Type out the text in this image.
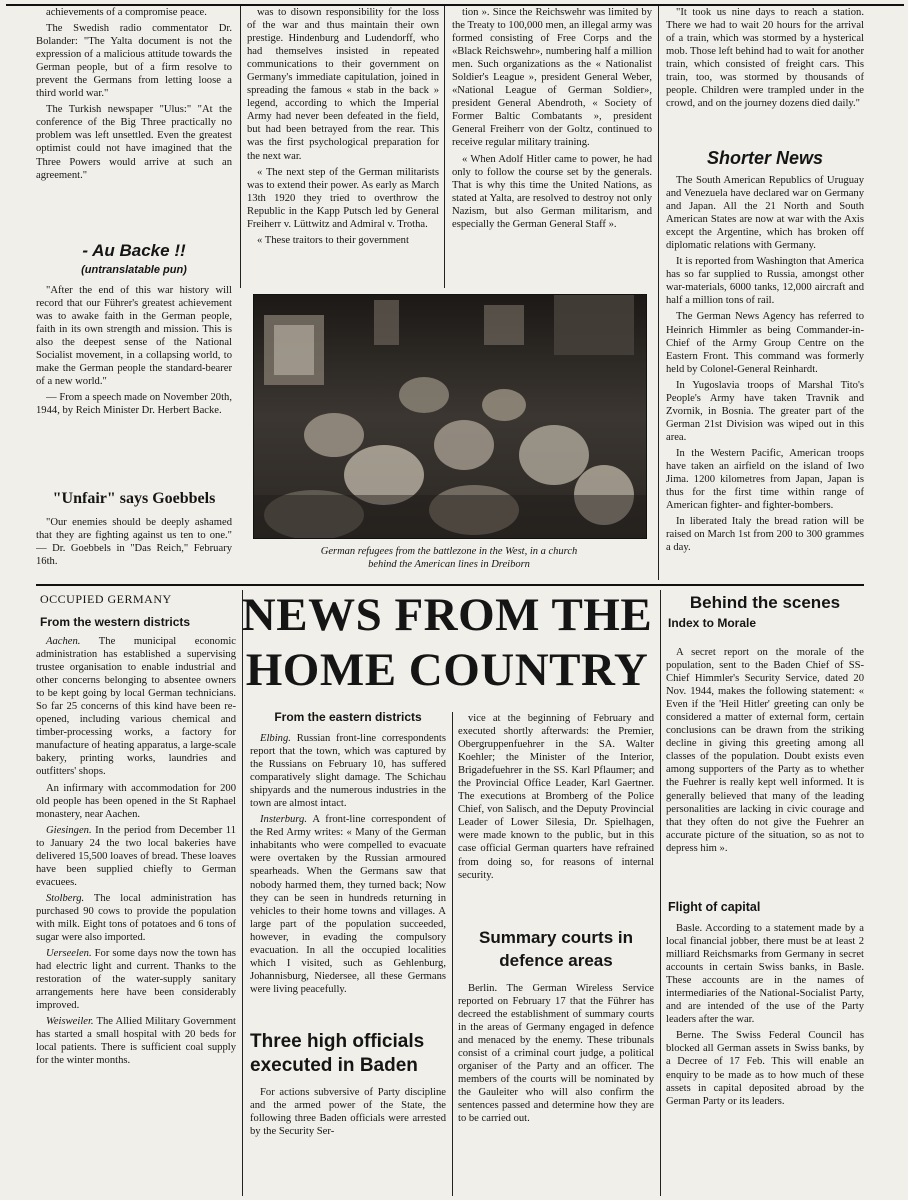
achievements of a compromise peace.

The Swedish radio commentator Dr. Bolander: "The Yalta document is not the expression of a malicious attitude towards the German people, but of a firm resolve to prevent the Germans from letting loose a third world war."

The Turkish newspaper "Ulus:" "At the conference of the Big Three practically no problem was left unsettled. Even the greatest optimist could not have imagined that the Three Powers would arrive at such an agreement."

- Au Backe !!
(untranslatable pun)

"After the end of this war history will record that our Führer's greatest achievement was to awake faith in the German people, faith in its own strength and mission. This is also the deepest sense of the National Socialist movement, in a collapsing world, to make the German people the standard-bearer of a new world."

— From a speech made on November 20th, 1944, by Reich Minister Dr. Herbert Backe.

"Unfair" says Goebbels

"Our enemies should be deeply ashamed that they are fighting against us ten to one." — Dr. Goebbels in "Das Reich," February 16th.

was to disown responsibility for the loss of the war and thus maintain their own prestige. Hindenburg and Ludendorff, who had themselves insisted in repeated communications to their government on Germany's immediate capitulation, joined in spreading the famous « stab in the back » legend, according to which the Imperial Army had never been defeated in the field, but had been betrayed from the rear. This was the first psychological preparation for the next war.

« The next step of the German militarists was to extend their power. As early as March 13th 1920 they tried to overthrow the Republic in the Kapp Putsch led by General Freiherr v. Lüttwitz and Admiral v. Trotha.

« These traitors to their government

tion ». Since the Reichswehr was limited by the Treaty to 100,000 men, an illegal army was formed consisting of Free Corps and the «Black Reichswehr», numbering half a million men. Such organizations as the « Nationalist Soldier's League », president General Weber, «National League of German Soldier», president General Abendroth, « Society of Former Baltic Combatants », president General Freiherr von der Goltz, continued to receive regular military training.

« When Adolf Hitler came to power, he had only to follow the course set by the generals. That is why this time the United Nations, as stated at Yalta, are resolved to destroy not only Nazism, but also German militarism, and especially the German General Staff ».

German refugees from the battlezone in the West, in a church
behind the American lines in Dreiborn

"It took us nine days to reach a station. There we had to wait 20 hours for the arrival of a train, which was stormed by a hysterical mob. Those left behind had to wait for another train, which consisted of freight cars. This train, too, was stormed by thousands of people. Children were trampled under in the crowd, and on the journey dozens died daily."

Shorter News

The South American Republics of Uruguay and Venezuela have declared war on Germany and Japan. All the 21 North and South American States are now at war with the Axis except the Argentine, which has broken off diplomatic relations with Germany.

It is reported from Washington that America has so far supplied to Russia, amongst other war-materials, 6000 tanks, 12,000 aircraft and half a million tons of rail.

The German News Agency has referred to Heinrich Himmler as being Commander-in-Chief of the Army Group Centre on the Eastern Front. This command was formerly held by Colonel-General Reinhardt.

In Yugoslavia troops of Marshal Tito's People's Army have taken Travnik and Zvornik, in Bosnia. The greater part of the German 21st Division was wiped out in this area.

In the Western Pacific, American troops have taken an airfield on the island of Iwo Jima. 1200 kilometres from Japan, Japan is thus for the first time within range of American fighter- and fighter-bombers.

In liberated Italy the bread ration will be raised on March 1st from 200 to 300 grammes a day.

OCCUPIED GERMANY
From the western districts

Aachen. The municipal economic administration has established a supervising trustee organisation to enable industrial and other concerns belonging to absentee owners to be kept going by local German technicians. So far 25 concerns of this kind have been re-opened, including various chemical and timber-processing works, a factory for manufacture of heating apparatus, a large-scale bakery, printing works, laundries and outfitters' shops.

An infirmary with accommodation for 200 old people has been opened in the St Raphael monastery, near Aachen.

Giesingen. In the period from December 11 to January 24 the two local bakeries have delivered 15,500 loaves of bread. These loaves have been supplied chiefly to German evacuees.

Stolberg. The local administration has purchased 90 cows to provide the population with milk. Eight tons of potatoes and 6 tons of sugar were also imported.

Uerseelen. For some days now the town has had electric light and current. Thanks to the restoration of the water-supply sanitary arrangements here have been considerably improved.

Weisweiler. The Allied Military Government has started a small hospital with 20 beds for local patients. There is sufficient coal supply for the winter months.

NEWS FROM THE
HOME COUNTRY
From the eastern districts

Elbing. Russian front-line correspondents report that the town, which was captured by the Russians on February 10, has suffered comparatively slight damage. The Schichau shipyards and the numerous industries in the town are almost intact.

Insterburg. A front-line correspondent of the Red Army writes: « Many of the German inhabitants who were compelled to evacuate were overtaken by the Russian armoured spearheads. When the Germans saw that nobody harmed them, they turned back; Now they can be seen in hundreds returning in vehicles to their home towns and villages. A large part of the population succeeded, however, in evading the compulsory evacuation. In all the occupied localities which I visited, such as Gehlenburg, Johannisburg, Niedersee, all these Germans were living peacefully.

Three high officials
executed in Baden

For actions subversive of Party discipline and the armed power of the State, the following three Baden officials were arrested by the Security Ser-

vice at the beginning of February and executed shortly afterwards: the Premier, Obergruppenfuehrer in the SA. Walter Koehler; the Minister of the Interior, Brigadefuehrer in the SS. Karl Pflaumer; and the Provincial Office Leader, Karl Gaertner. The executions at Bromberg of the Police Chief, von Salisch, and the Deputy Provincial Leader of Lower Silesia, Dr. Spielhagen, were made known to the public, but in this case official German quarters have refrained from doing so, for reasons of internal security.

Summary courts in
defence areas

Berlin. The German Wireless Service reported on February 17 that the Führer has decreed the establishment of summary courts in the areas of Germany engaged in defence and menaced by the enemy. These tribunals consist of a criminal court judge, a political organiser of the Party and an officer. The members of the courts will be nominated by the Gauleiter who will also confirm the sentences passed and determine how they are to be carried out.

Behind the scenes
Index to Morale

A secret report on the morale of the population, sent to the Baden Chief of SS-Chief Himmler's Security Service, dated 20 Nov. 1944, makes the following statement: « Even if the 'Heil Hitler' greeting can only be considered a matter of external form, certain conclusions can be drawn from the striking decline in giving this greeting among all classes of the population. Doubt exists even among supporters of the Party as to whether the Fuehrer is really kept well informed. It is generally believed that many of the leading personalities are lacking in civic courage and that they often do not give the Fuehrer an accurate picture of the situation, so as not to depress him ».

Flight of capital

Basle. According to a statement made by a local financial jobber, there must be at least 2 milliard Reichsmarks from Germany in secret accounts in certain Swiss banks, in Basle. These accounts are in the names of intermediaries of the National-Socialist Party, and are intended of the use of the Party leaders after the war.

Berne. The Swiss Federal Council has blocked all German assets in Swiss banks, by a Decree of 17 Feb. This will enable an enquiry to be made as to how much of these assets in capital deposited abroad by the German Party or its leaders.
